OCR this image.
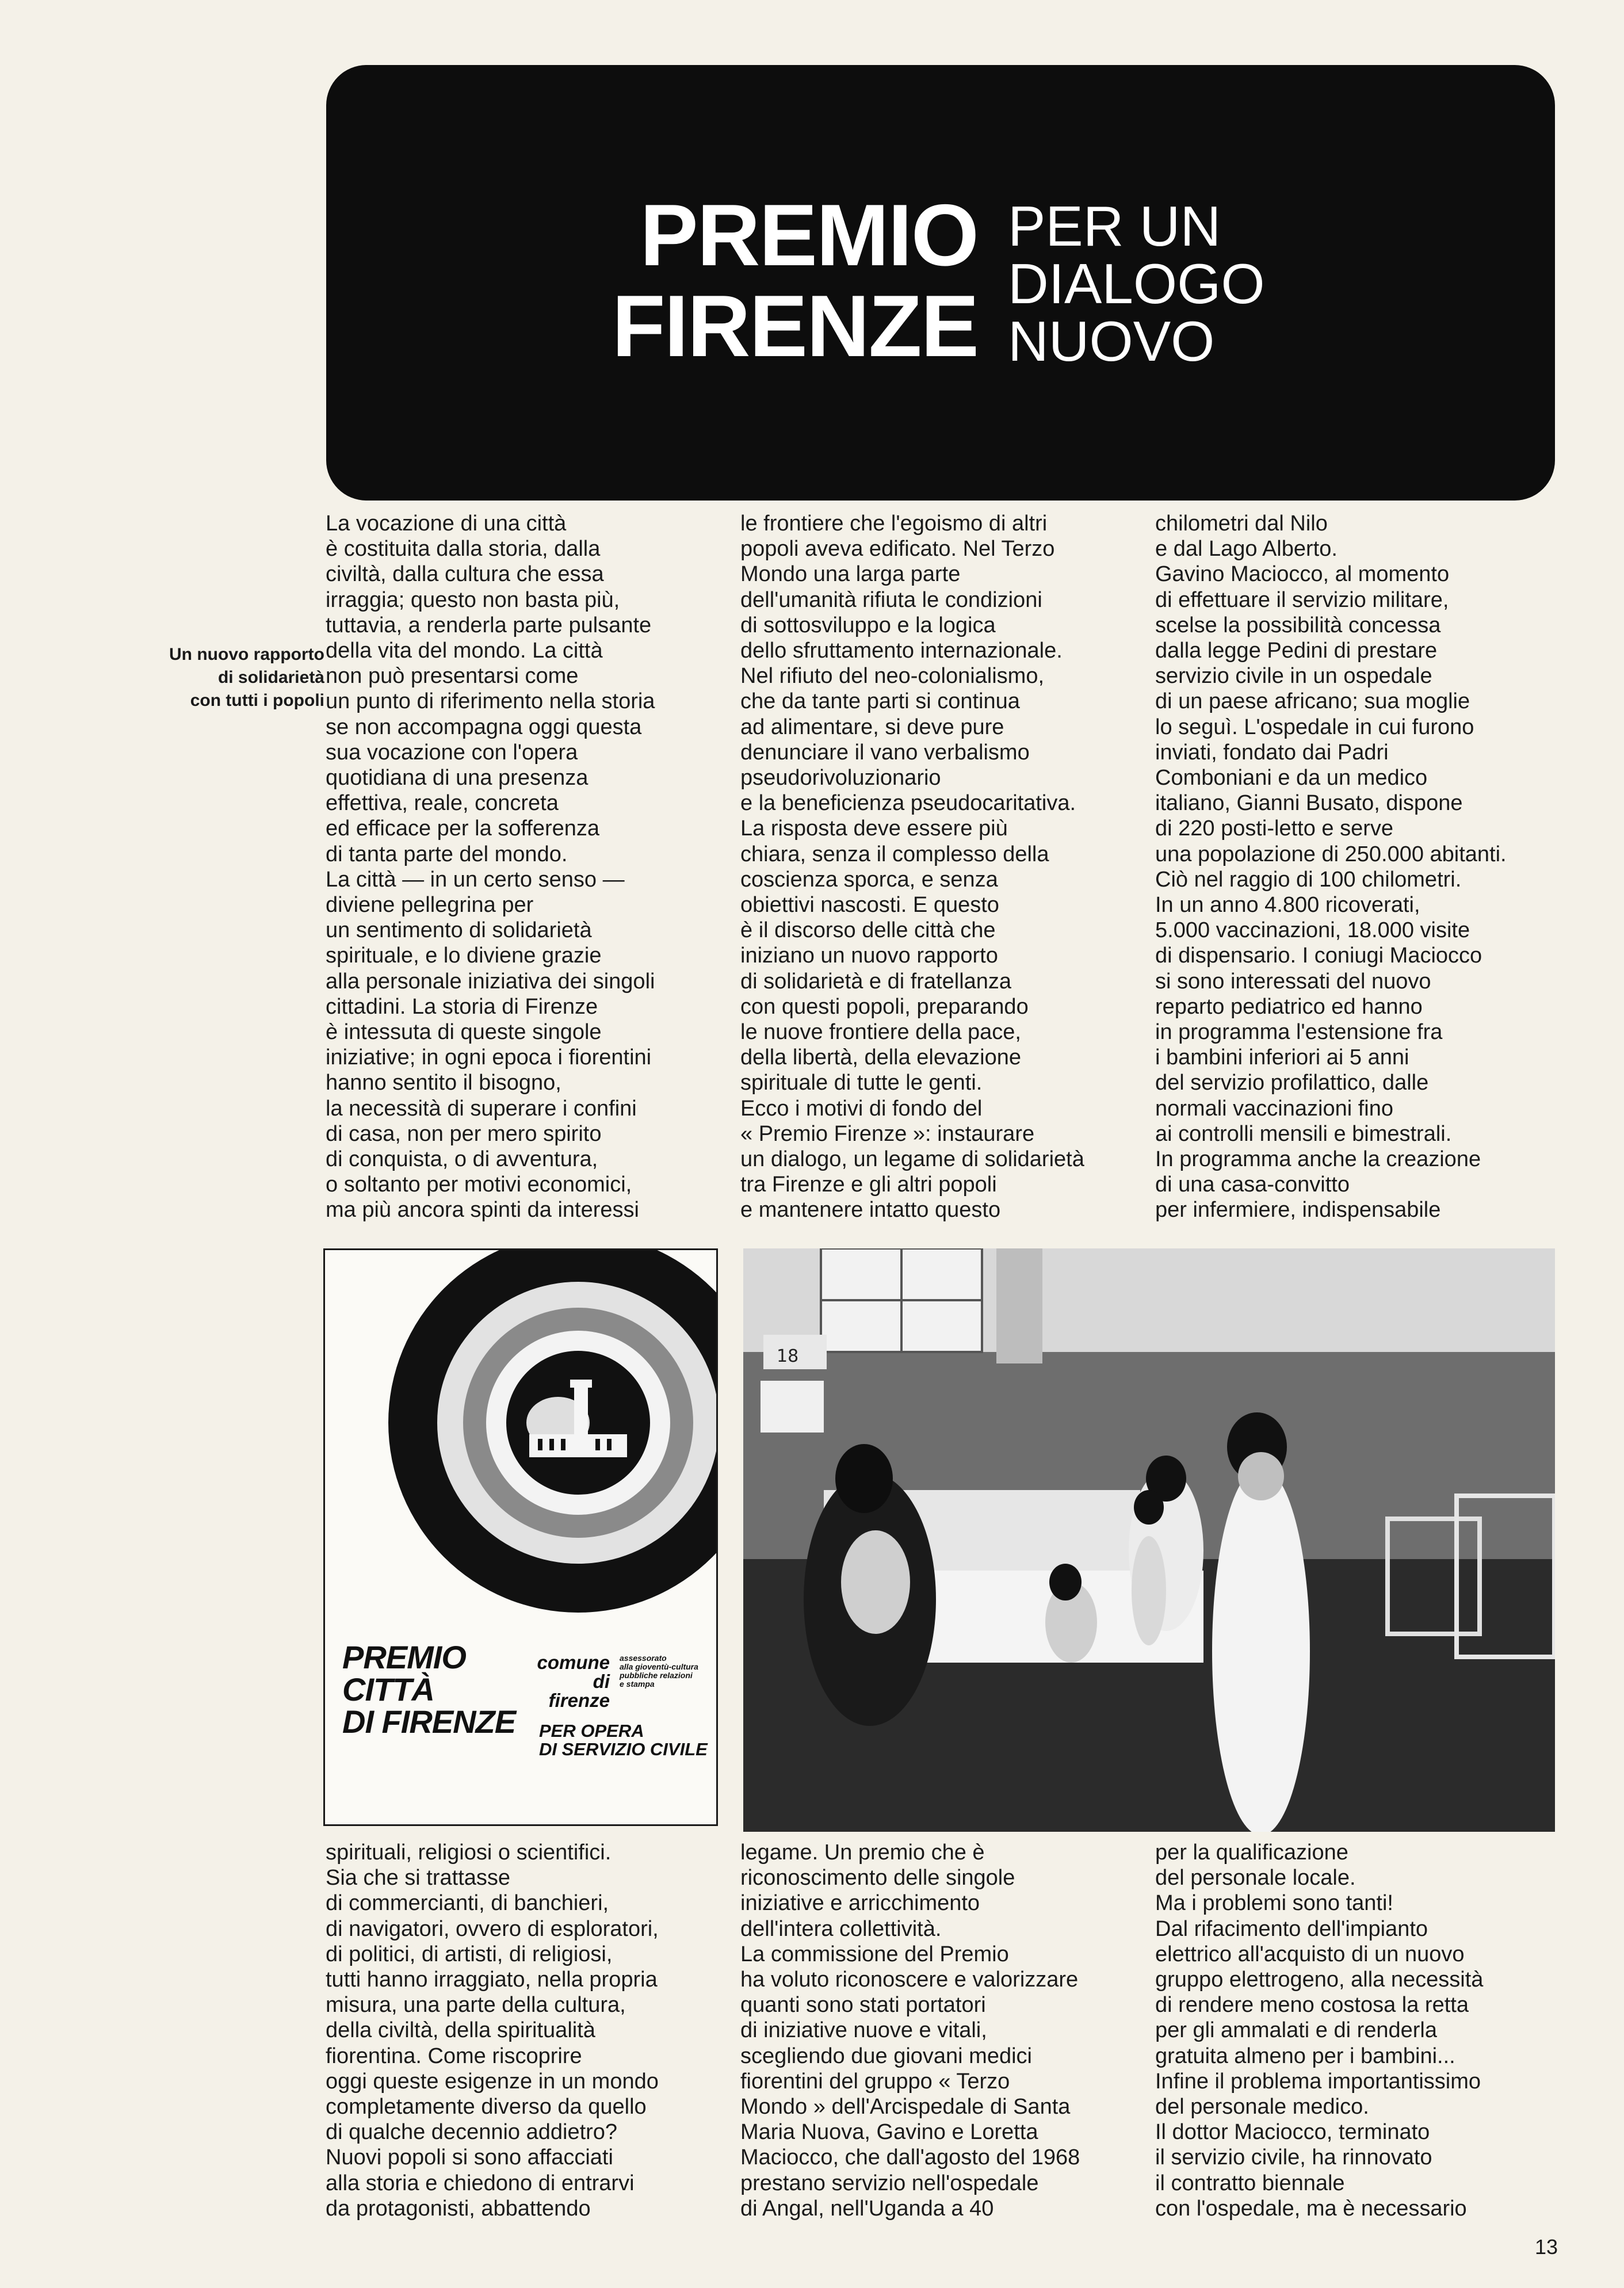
PREMIO
FIRENZE
PER UN
DIALOGO
NUOVO
Un nuovo rapporto
di solidarietà
con tutti i popoli
La vocazione di una città
è costituita dalla storia, dalla
civiltà, dalla cultura che essa
irraggia; questo non basta più,
tuttavia, a renderla parte pulsante
della vita del mondo. La città
non può presentarsi come
un punto di riferimento nella storia
se non accompagna oggi questa
sua vocazione con l'opera
quotidiana di una presenza
effettiva, reale, concreta
ed efficace per la sofferenza
di tanta parte del mondo.
La città — in un certo senso —
diviene pellegrina per
un sentimento di solidarietà
spirituale, e lo diviene grazie
alla personale iniziativa dei singoli
cittadini. La storia di Firenze
è intessuta di queste singole
iniziative; in ogni epoca i fiorentini
hanno sentito il bisogno,
la necessità di superare i confini
di casa, non per mero spirito
di conquista, o di avventura,
o soltanto per motivi economici,
ma più ancora spinti da interessi
le frontiere che l'egoismo di altri
popoli aveva edificato. Nel Terzo
Mondo una larga parte
dell'umanità rifiuta le condizioni
di sottosviluppo e la logica
dello sfruttamento internazionale.
Nel rifiuto del neo-colonialismo,
che da tante parti si continua
ad alimentare, si deve pure
denunciare il vano verbalismo
pseudorivoluzionario
e la beneficienza pseudocaritativa.
La risposta deve essere più
chiara, senza il complesso della
coscienza sporca, e senza
obiettivi nascosti. E questo
è il discorso delle città che
iniziano un nuovo rapporto
di solidarietà e di fratellanza
con questi popoli, preparando
le nuove frontiere della pace,
della libertà, della elevazione
spirituale di tutte le genti.
Ecco i motivi di fondo del
« Premio Firenze »: instaurare
un dialogo, un legame di solidarietà
tra Firenze e gli altri popoli
e mantenere intatto questo
chilometri dal Nilo
e dal Lago Alberto.
Gavino Maciocco, al momento
di effettuare il servizio militare,
scelse la possibilità concessa
dalla legge Pedini di prestare
servizio civile in un ospedale
di un paese africano; sua moglie
lo seguì. L'ospedale in cui furono
inviati, fondato dai Padri
Comboniani e da un medico
italiano, Gianni Busato, dispone
di 220 posti-letto e serve
una popolazione di 250.000 abitanti.
Ciò nel raggio di 100 chilometri.
In un anno 4.800 ricoverati,
5.000 vaccinazioni, 18.000 visite
di dispensario. I coniugi Maciocco
si sono interessati del nuovo
reparto pediatrico ed hanno
in programma l'estensione fra
i bambini inferiori ai 5 anni
del servizio profilattico, dalle
normali vaccinazioni fino
ai controlli mensili e bimestrali.
In programma anche la creazione
di una casa-convitto
per infermiere, indispensabile
PREMIO
CITTÀ
DI FIRENZE	PER OPERA
DI SERVIZIO CIVILE
comune
di firenze
assessorato
alla gioventù-cultura
pubbliche relazioni
e stampa
18
spirituali, religiosi o scientifici.
Sia che si trattasse
di commercianti, di banchieri,
di navigatori, ovvero di esploratori,
di politici, di artisti, di religiosi,
tutti hanno irraggiato, nella propria
misura, una parte della cultura,
della civiltà, della spiritualità
fiorentina. Come riscoprire
oggi queste esigenze in un mondo
completamente diverso da quello
di qualche decennio addietro?
Nuovi popoli si sono affacciati
alla storia e chiedono di entrarvi
da protagonisti, abbattendo
legame. Un premio che è
riconoscimento delle singole
iniziative e arricchimento
dell'intera collettività.
La commissione del Premio
ha voluto riconoscere e valorizzare
quanti sono stati portatori
di iniziative nuove e vitali,
scegliendo due giovani medici
fiorentini del gruppo « Terzo
Mondo » dell'Arcispedale di Santa
Maria Nuova, Gavino e Loretta
Maciocco, che dall'agosto del 1968
prestano servizio nell'ospedale
di Angal, nell'Uganda a 40
per la qualificazione
del personale locale.
Ma i problemi sono tanti!
Dal rifacimento dell'impianto
elettrico all'acquisto di un nuovo
gruppo elettrogeno, alla necessità
di rendere meno costosa la retta
per gli ammalati e di renderla
gratuita almeno per i bambini...
Infine il problema importantissimo
del personale medico.
Il dottor Maciocco, terminato
il servizio civile, ha rinnovato
il contratto biennale
con l'ospedale, ma è necessario
13
